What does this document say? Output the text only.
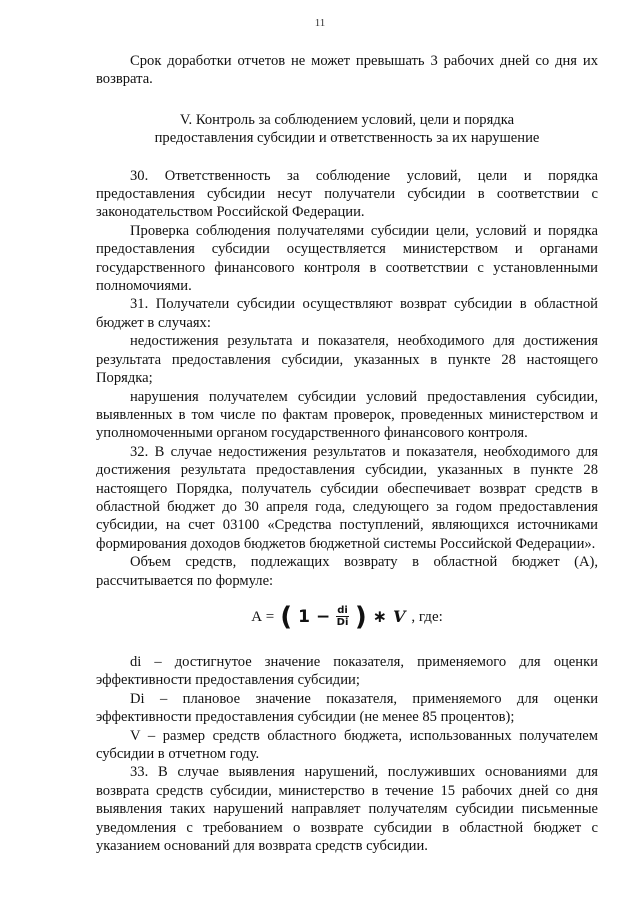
11

Срок доработки отчетов не может превышать 3 рабочих дней со дня их возврата.

V. Контроль за соблюдением условий, цели и порядка
предоставления субсидии и ответственность за их нарушение

30. Ответственность за соблюдение условий, цели и порядка предоставления субсидии несут получатели субсидии в соответствии с законодательством Российской Федерации.

Проверка соблюдения получателями субсидии цели, условий и порядка предоставления субсидии осуществляется министерством и органами государственного финансового контроля в соответствии с установленными полномочиями.

31. Получатели субсидии осуществляют возврат субсидии в областной бюджет в случаях:

недостижения результата и показателя, необходимого для достижения результата предоставления субсидии, указанных в пункте 28 настоящего Порядка;

нарушения получателем субсидии условий предоставления субсидии, выявленных в том числе по фактам проверок, проведенных министерством и уполномоченными органом государственного финансового контроля.

32. В случае недостижения результатов и показателя, необходимого для достижения результата предоставления субсидии, указанных в пункте 28 настоящего Порядка, получатель субсидии обеспечивает возврат средств в областной бюджет до 30 апреля года, следующего за годом предоставления субсидии, на счет 03100 «Средства поступлений, являющихся источниками формирования доходов бюджетов бюджетной системы Российской Федерации».

Объем средств, подлежащих возврату в областной бюджет (А), рассчитывается по формуле:

А = ( $1 - \frac{di}{Di}$ ) ∗ V , где:

di – достигнутое значение показателя, применяемого для оценки эффективности предоставления субсидии;

Di – плановое значение показателя, применяемого для оценки эффективности предоставления субсидии (не менее 85 процентов);

V – размер средств областного бюджета, использованных получателем субсидии в отчетном году.

33. В случае выявления нарушений, послуживших основаниями для возврата средств субсидии, министерство в течение 15 рабочих дней со дня выявления таких нарушений направляет получателям субсидии письменные уведомления с требованием о возврате субсидии в областной бюджет с указанием оснований для возврата средств субсидии.
